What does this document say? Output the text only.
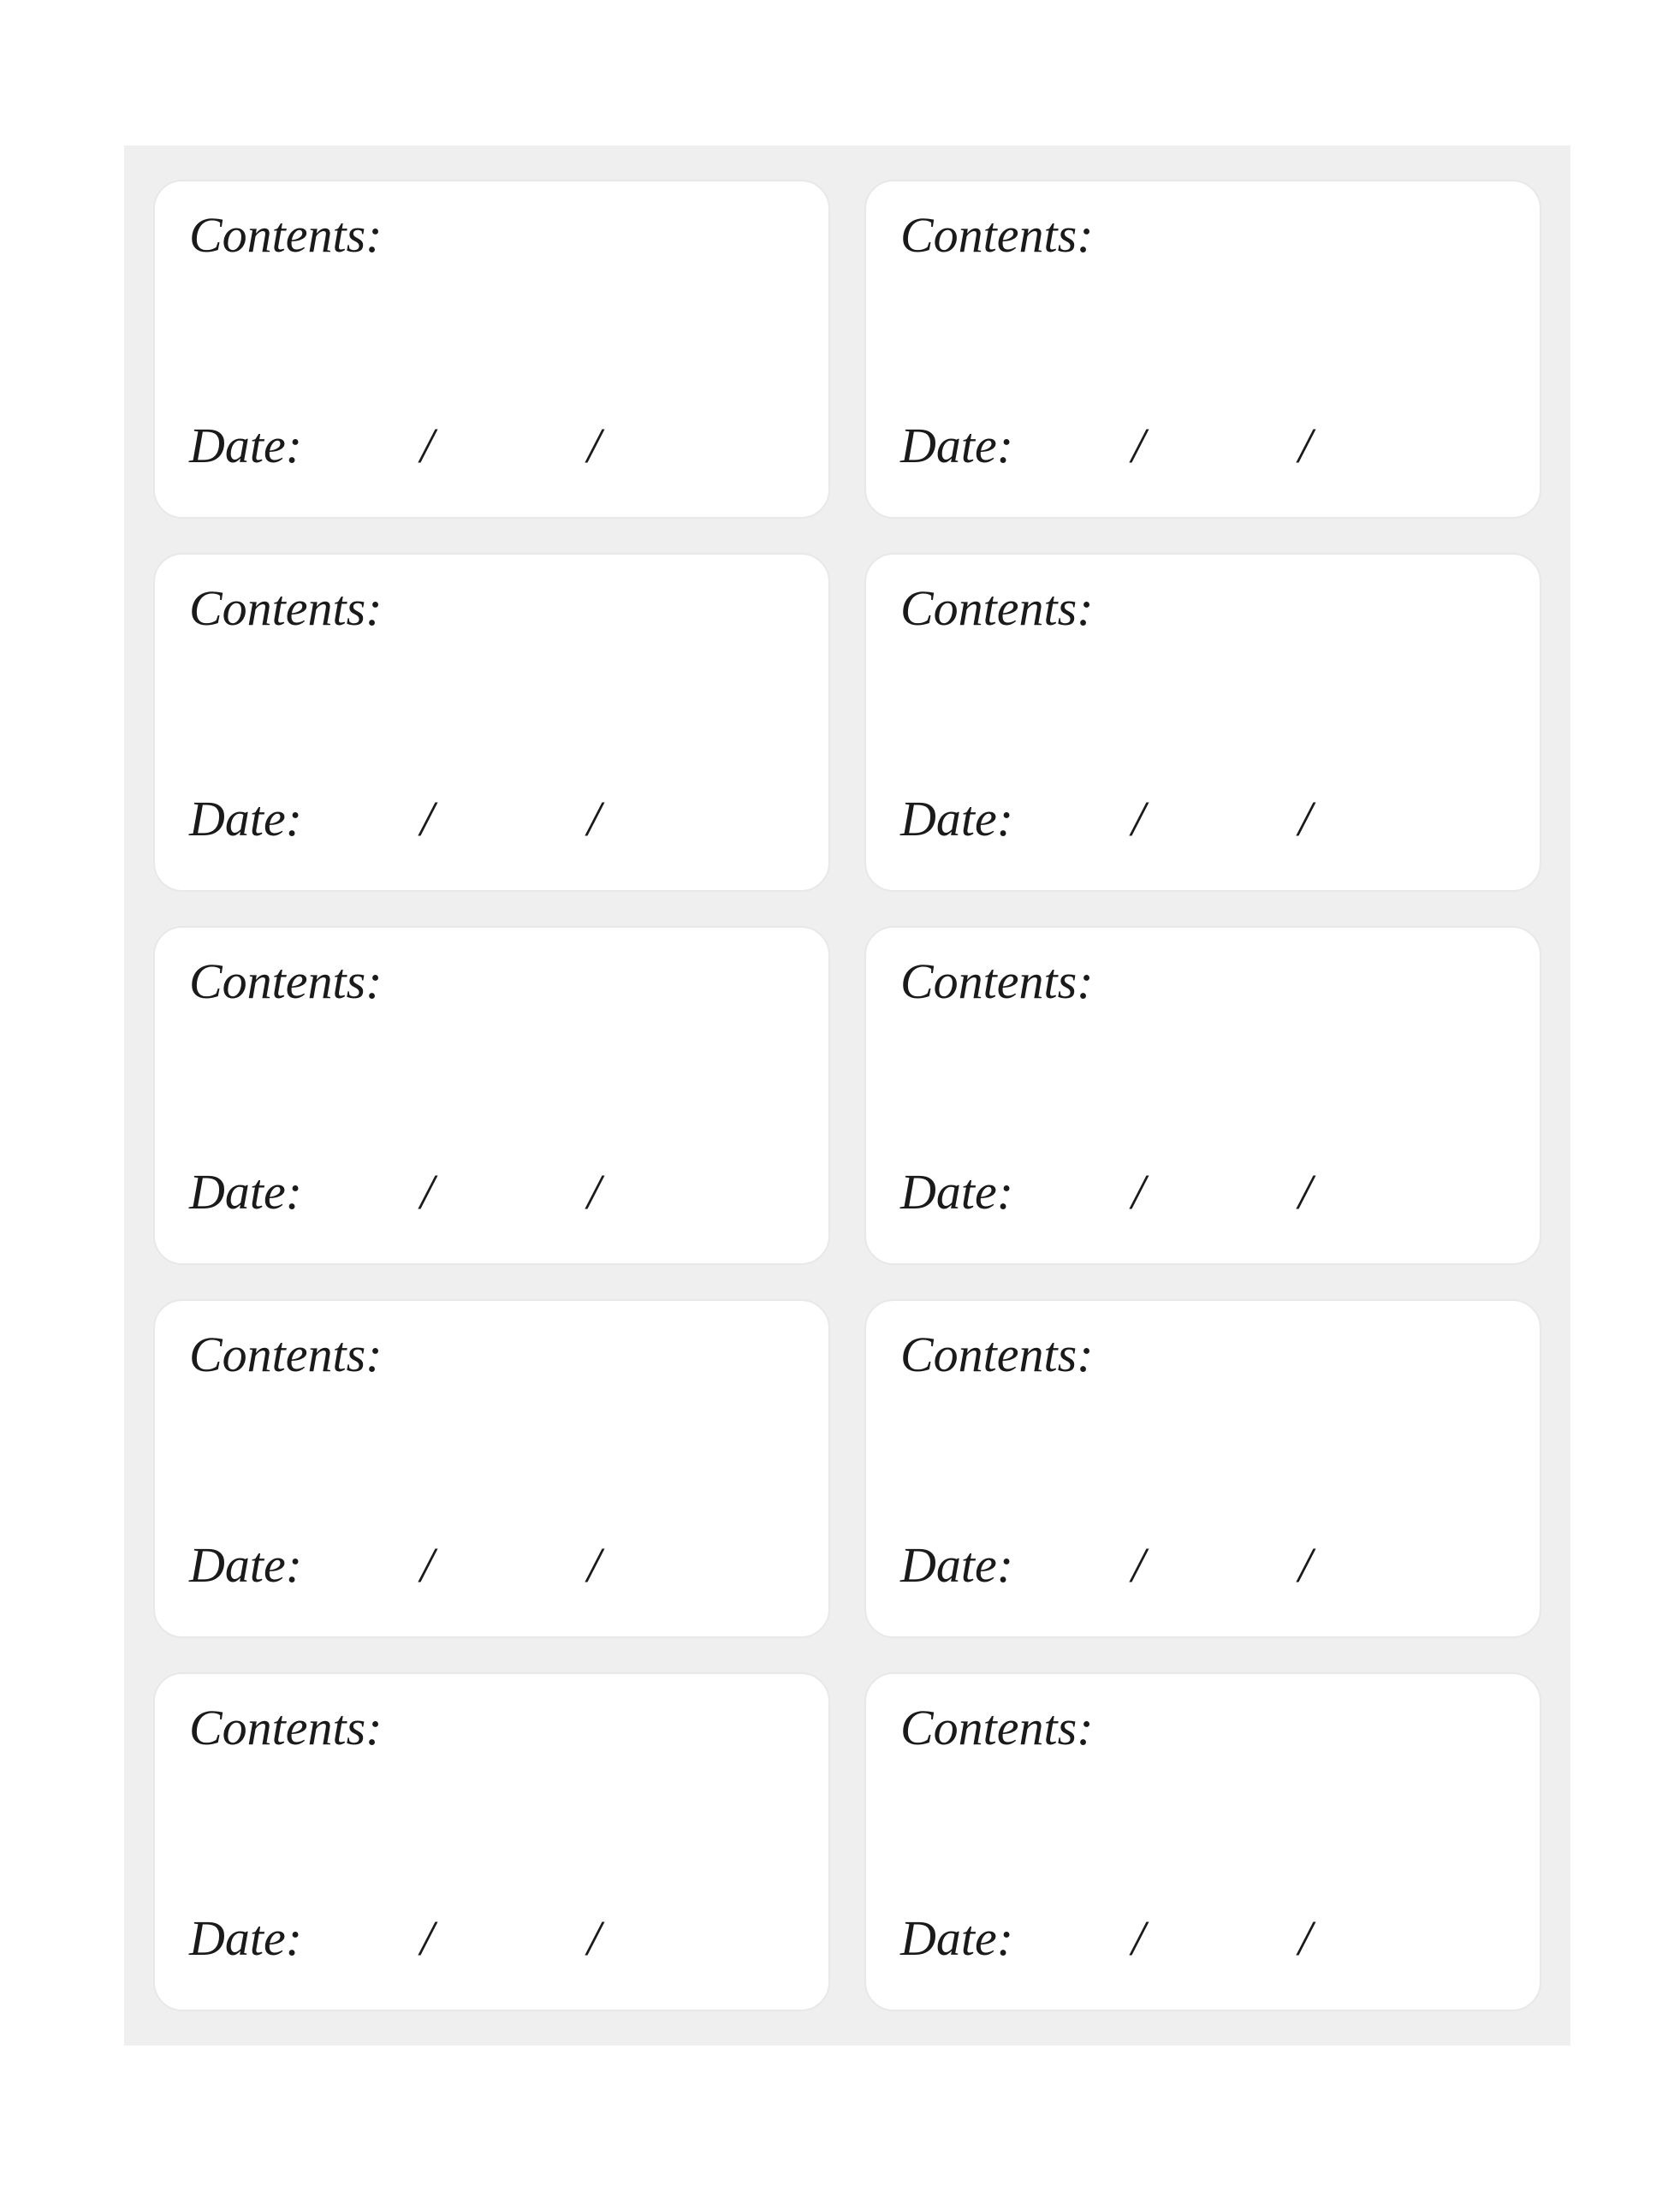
Contents:
Date: /	/
Contents:
Date: /	/
Contents:
Date: /	/
Contents:
Date: /	/
Contents:
Date: /	/
Contents:
Date: /	/
Contents:
Date: /	/
Contents:
Date: /	/
Contents:
Date: /	/
Contents:
Date: /	/
